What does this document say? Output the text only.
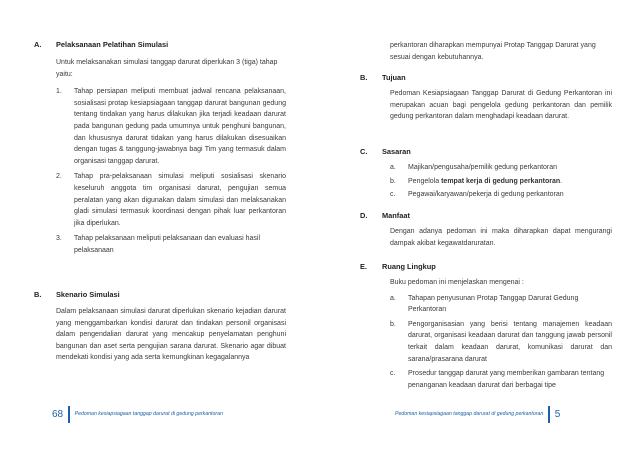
A.	Pelaksanaan Pelatihan Simulasi

Untuk melaksanakan simulasi tanggap darurat diperlukan 3 (tiga) tahap yaitu:

1.	Tahap persiapan meliputi membuat jadwal rencana pelaksanaan, sosialisasi protap kesiapsiagaan tanggap darurat bangunan gedung tentang tindakan yang harus dilakukan jika terjadi keadaan darurat pada bangunan gedung pada umumnya untuk penghuni bangunan, dan khususnya darurat tidakan yang harus dilakukan disesuaikan dengan tugas & tanggung-jawabnya bagi Tim yang termasuk dalam organisasi tanggap darurat.
2.	Tahap pra-pelaksanaan simulasi meliputi sosialisasi skenario keseluruh anggota tim organisasi darurat, pengujian semua peralatan yang akan digunakan dalam simulasi dan melaksanakan gladi simulasi termasuk koordinasi dengan pihak luar perkantoran jika diperlukan.
3.	Tahap pelaksanaan meliputi pelaksanaan dan evaluasi hasil pelaksanaan
B.	Skenario Simulasi

Dalam pelaksanaan simulasi darurat diperlukan skenario kejadian darurat yang menggambarkan kondisi darurat dan tindakan personil organisasi dalam pengendalian darurat yang mencakup penyelamatan penghuni bangunan dan aset serta pengujian sarana darurat. Skenario agar dibuat mendekati kondisi yang ada serta kemungkinan kegagalannya

68 Pedoman kesiapsiagaan tanggap darurat di gedung perkantoran

perkantoran diharapkan mempunyai Protap Tanggap Darurat yang sesuai dengan kebutuhannya.

B.	Tujuan

Pedoman Kesiapsiagaan Tanggap Darurat di Gedung Perkantoran ini merupakan acuan bagi pengelola gedung perkantoran dan pemilik gedung perkantoran dalam menghadapi keadaan darurat.

C.	Sasaran
a.	Majikan/pengusaha/pemilik gedung perkantoran
b.	Pengelola tempat kerja di gedung perkantoran.
c.	Pegawai/karyawan/pekerja di gedung perkantoran
D.	Manfaat

Dengan adanya pedoman ini maka diharapkan dapat mengurangi dampak akibat kegawatdaruratan.

E.	Ruang Lingkup

Buku pedoman ini menjelaskan mengenai :

a.	Tahapan penyusunan Protap Tanggap Darurat Gedung Perkantoran
b.	Pengorganisasian yang berisi tentang manajemen keadaan darurat, organisasi keadaan darurat dan tanggung jawab personil terkait dalam keadaan darurat, komunikasi darurat dan sarana/prasarana darurat
c.	Prosedur tanggap darurat yang memberikan gambaran tentang penanganan keadaan darurat dari berbagai tipe
Pedoman kesiapsiagaan tanggap darurat di gedung perkantoran 5
